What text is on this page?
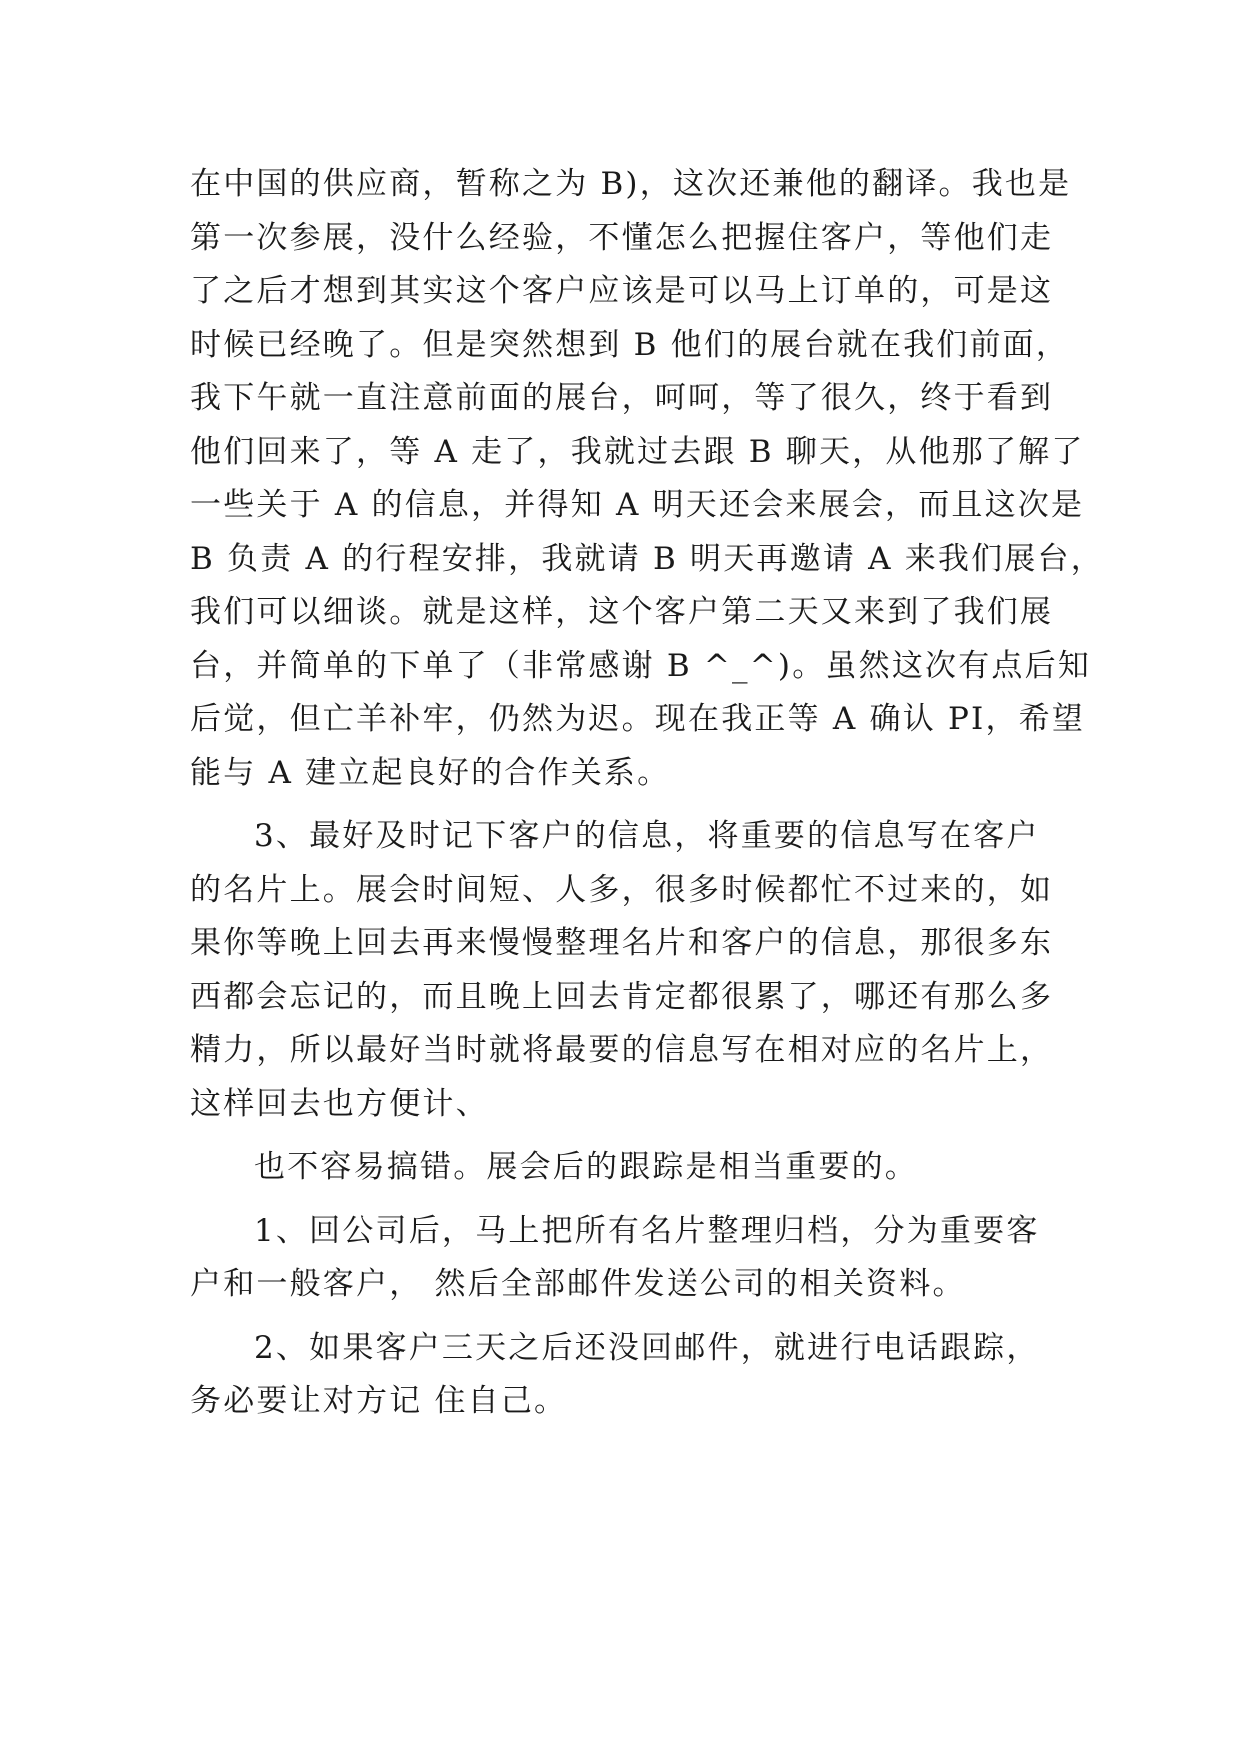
在中国的供应商，暂称之为 B)，这次还兼他的翻译。我也是
第一次参展，没什么经验，不懂怎么把握住客户，等他们走
了之后才想到其实这个客户应该是可以马上订单的，可是这
时候已经晚了。但是突然想到 B 他们的展台就在我们前面，
我下午就一直注意前面的展台，呵呵，等了很久，终于看到
他们回来了，等 A 走了，我就过去跟 B 聊天，从他那了解了
一些关于 A 的信息，并得知 A 明天还会来展会，而且这次是
B 负责 A 的行程安排，我就请 B 明天再邀请 A 来我们展台，
我们可以细谈。就是这样，这个客户第二天又来到了我们展
台，并简单的下单了（非常感谢 B ^_^)。虽然这次有点后知
后觉，但亡羊补牢，仍然为迟。现在我正等 A 确认 PI，希望
能与 A 建立起良好的合作关系。
3、最好及时记下客户的信息，将重要的信息写在客户
的名片上。展会时间短、人多，很多时候都忙不过来的，如
果你等晚上回去再来慢慢整理名片和客户的信息，那很多东
西都会忘记的，而且晚上回去肯定都很累了，哪还有那么多
精力，所以最好当时就将最要的信息写在相对应的名片上，
这样回去也方便计、
也不容易搞错。展会后的跟踪是相当重要的。
1、回公司后，马上把所有名片整理归档，分为重要客
户和一般客户， 然后全部邮件发送公司的相关资料。
2、如果客户三天之后还没回邮件，就进行电话跟踪，
务必要让对方记 住自己。
